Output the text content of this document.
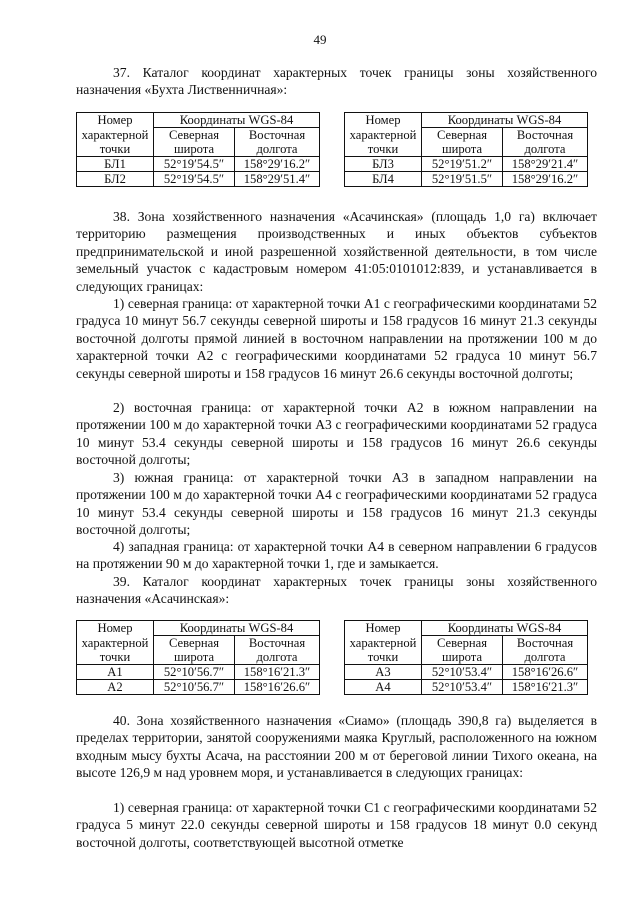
49

37. Каталог координат характерных точек границы зоны хозяйственного назначения «Бухта Лиственничная»:

Номер	Координаты WGS-84	
характерной	Северная	Восточная
точки	широта	долгота
БЛ1	52°19′54.5″	158°29′16.2″
БЛ2	52°19′54.5″	158°29′51.4″
Номер	Координаты WGS-84	
характерной	Северная	Восточная
точки	широта	долгота
БЛ3	52°19′51.2″	158°29′21.4″
БЛ4	52°19′51.5″	158°29′16.2″

38. Зона хозяйственного назначения «Асачинская» (площадь 1,0 га) включает территорию размещения производственных и иных объектов субъектов предпринимательской и иной разрешенной хозяйственной деятельности, в том числе земельный участок с кадастровым номером 41:05:0101012:839, и устанавливается в следующих границах:

1) северная граница: от характерной точки А1 с географическими координатами 52 градуса 10 минут 56.7 секунды северной широты и 158 градусов 16 минут 21.3 секунды восточной долготы прямой линией в восточном направлении на протяжении 100 м до характерной точки А2 с географическими координатами 52 градуса 10 минут 56.7 секунды северной широты и 158 градусов 16 минут 26.6 секунды восточной долготы;

2) восточная граница: от характерной точки А2 в южном направлении на протяжении 100 м до характерной точки А3 с географическими координатами 52 градуса 10 минут 53.4 секунды северной широты и 158 градусов 16 минут 26.6 секунды восточной долготы;

3) южная граница: от характерной точки А3 в западном направлении на протяжении 100 м до характерной точки А4 с географическими координатами 52 градуса 10 минут 53.4 секунды северной широты и 158 градусов 16 минут 21.3 секунды восточной долготы;

4) западная граница: от характерной точки А4 в северном направлении 6 градусов на протяжении 90 м до характерной точки 1, где и замыкается.

39. Каталог координат характерных точек границы зоны хозяйственного назначения «Асачинская»:

Номер	Координаты WGS-84	
характерной	Северная	Восточная
точки	широта	долгота
А1	52°10′56.7″	158°16′21.3″
А2	52°10′56.7″	158°16′26.6″
Номер	Координаты WGS-84	
характерной	Северная	Восточная
точки	широта	долгота
А3	52°10′53.4″	158°16′26.6″
А4	52°10′53.4″	158°16′21.3″

40. Зона хозяйственного назначения «Сиамо» (площадь 390,8 га) выделяется в пределах территории, занятой сооружениями маяка Круглый, расположенного на южном входным мысу бухты Асача, на расстоянии 200 м от береговой линии Тихого океана, на высоте 126,9 м над уровнем моря, и устанавливается в следующих границах:

1) северная граница: от характерной точки С1 с географическими координатами 52 градуса 5 минут 22.0 секунды северной широты и 158 градусов 18 минут 0.0 секунд восточной долготы, соответствующей высотной отметке
